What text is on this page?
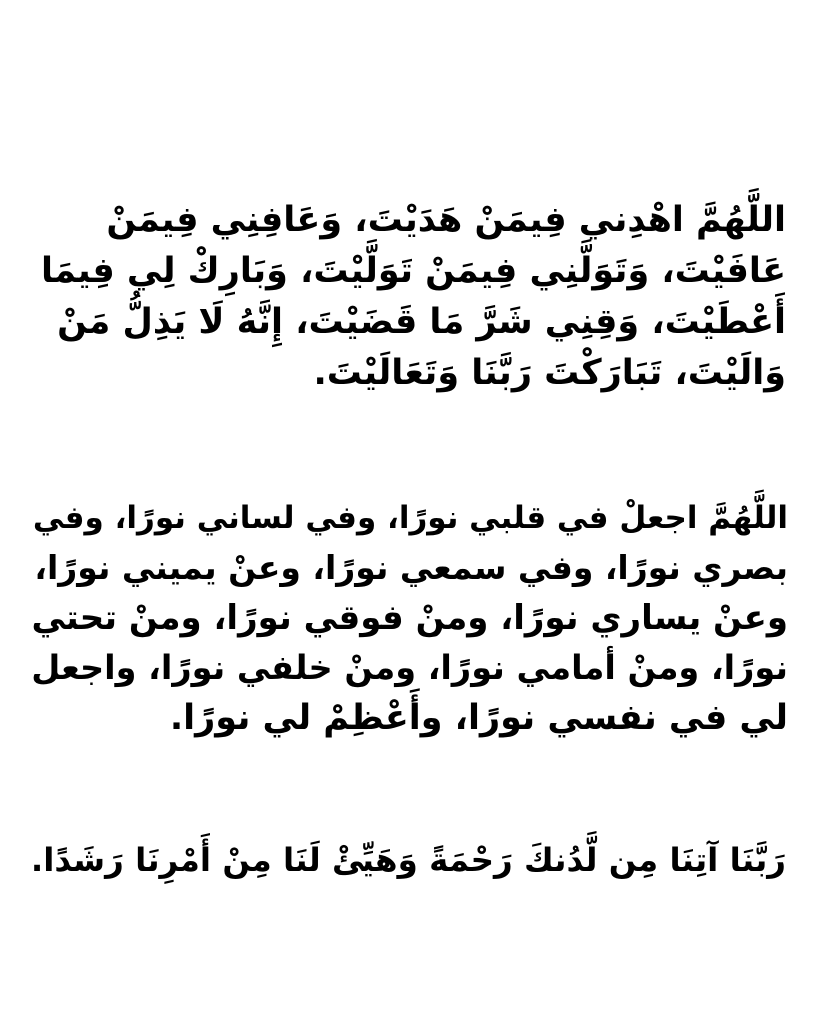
اللَّهُمَّ اهْدِني فِيمَنْ هَدَيْتَ، وَعَافِنِي فِيمَنْ
عَافَيْتَ، وَتَوَلَّنِي فِيمَنْ تَوَلَّيْتَ، وَبَارِكْ لِي فِيمَا
أَعْطَيْتَ، وَقِنِي شَرَّ مَا قَضَيْتَ، إِنَّهُ لَا يَذِلُّ مَنْ
وَالَيْتَ، تَبَارَكْتَ رَبَّنَا وَتَعَالَيْتَ.
اللَّهُمَّ اجعلْ في قلبي نورًا، وفي لساني نورًا، وفي
بصري نورًا، وفي سمعي نورًا، وعنْ يميني نورًا،
وعنْ يساري نورًا، ومنْ فوقي نورًا، ومنْ تحتي
نورًا، ومنْ أمامي نورًا، ومنْ خلفي نورًا، واجعل
لي في نفسي نورًا، وأَعْظِمْ لي نورًا.
رَبَّنَا آتِنَا مِن لَّدُنكَ رَحْمَةً وَهَيِّئْ لَنَا مِنْ أَمْرِنَا رَشَدًا.
